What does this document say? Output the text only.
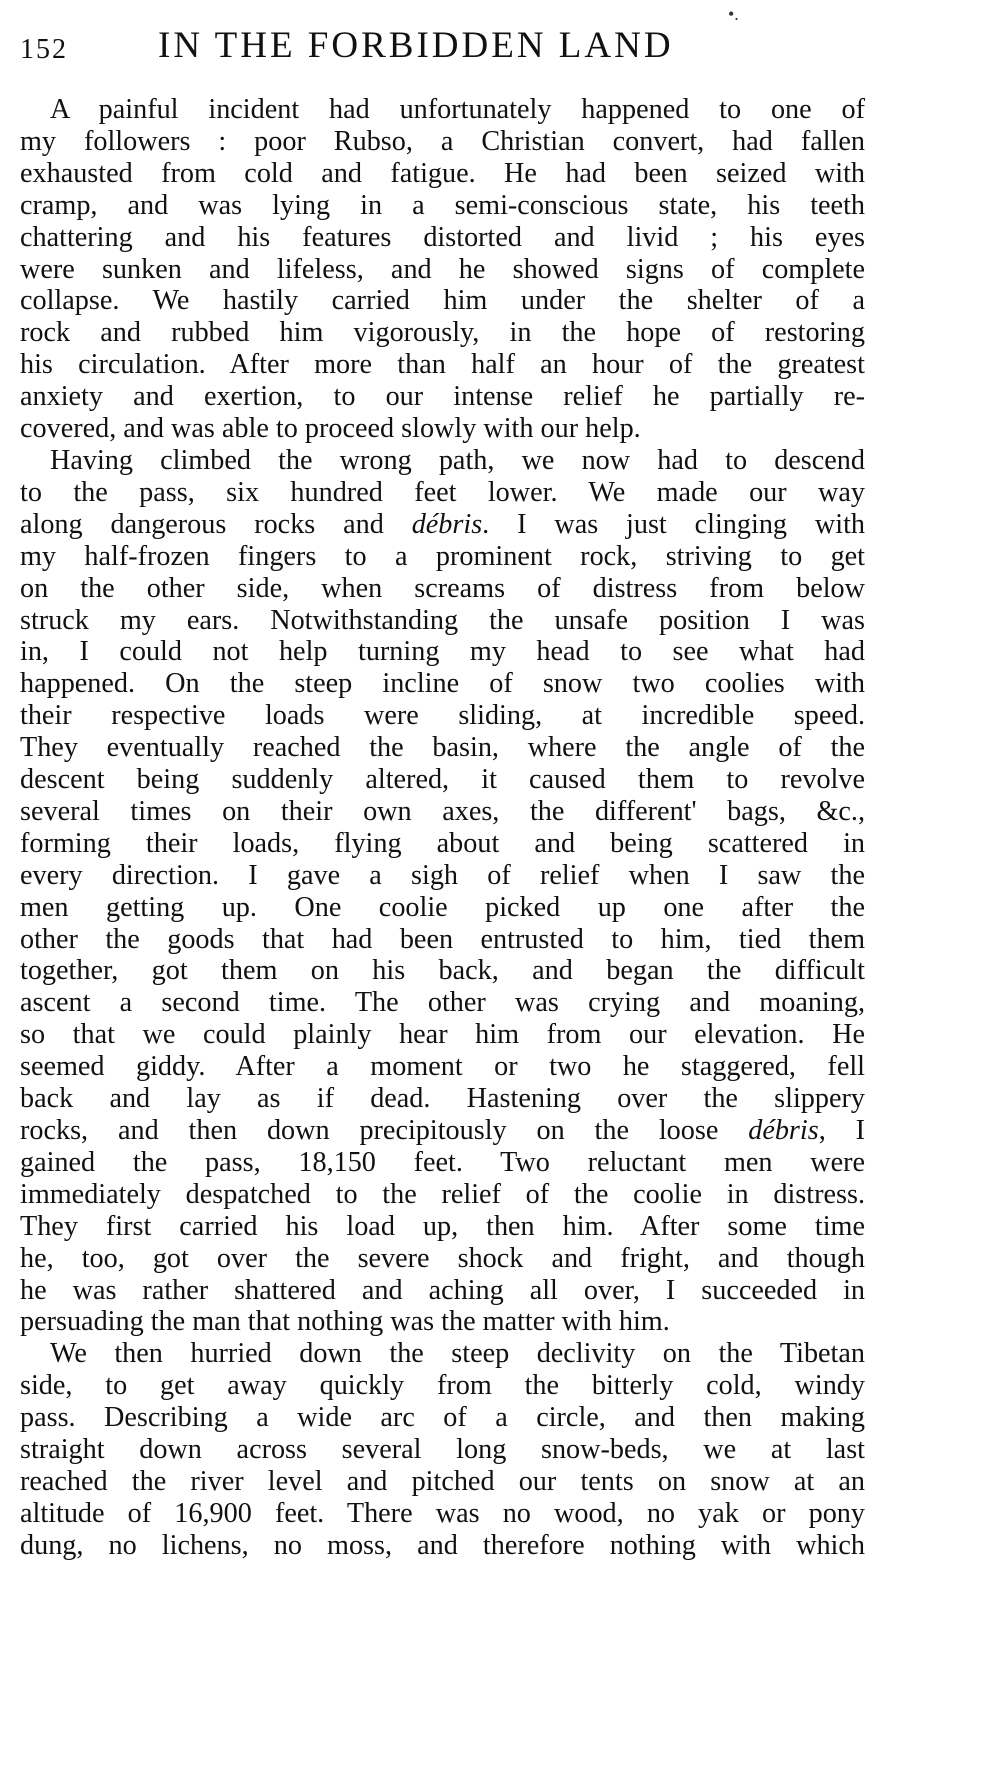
152 IN THE FORBIDDEN LAND
•.
A painful incident had unfortunately happened to one of
my followers : poor Rubso, a Christian convert, had fallen
exhausted from cold and fatigue. He had been seized with
cramp, and was lying in a semi-conscious state, his teeth
chattering and his features distorted and livid ; his eyes
were sunken and lifeless, and he showed signs of complete
collapse. We hastily carried him under the shelter of a
rock and rubbed him vigorously, in the hope of restoring
his circulation. After more than half an hour of the greatest
anxiety and exertion, to our intense relief he partially re-
covered, and was able to proceed slowly with our help.
Having climbed the wrong path, we now had to descend
to the pass, six hundred feet lower. We made our way
along dangerous rocks and débris. I was just clinging with
my half-frozen fingers to a prominent rock, striving to get
on the other side, when screams of distress from below
struck my ears. Notwithstanding the unsafe position I was
in, I could not help turning my head to see what had
happened. On the steep incline of snow two coolies with
their respective loads were sliding, at incredible speed.
They eventually reached the basin, where the angle of the
descent being suddenly altered, it caused them to revolve
several times on their own axes, the different' bags, &c.,
forming their loads, flying about and being scattered in
every direction. I gave a sigh of relief when I saw the
men getting up. One coolie picked up one after the
other the goods that had been entrusted to him, tied them
together, got them on his back, and began the difficult
ascent a second time. The other was crying and moaning,
so that we could plainly hear him from our elevation. He
seemed giddy. After a moment or two he staggered, fell
back and lay as if dead. Hastening over the slippery
rocks, and then down precipitously on the loose débris, I
gained the pass, 18,150 feet. Two reluctant men were
immediately despatched to the relief of the coolie in distress.
They first carried his load up, then him. After some time
he, too, got over the severe shock and fright, and though
he was rather shattered and aching all over, I succeeded in
persuading the man that nothing was the matter with him.
We then hurried down the steep declivity on the Tibetan
side, to get away quickly from the bitterly cold, windy
pass. Describing a wide arc of a circle, and then making
straight down across several long snow-beds, we at last
reached the river level and pitched our tents on snow at an
altitude of 16,900 feet. There was no wood, no yak or pony
dung, no lichens, no moss, and therefore nothing with which
